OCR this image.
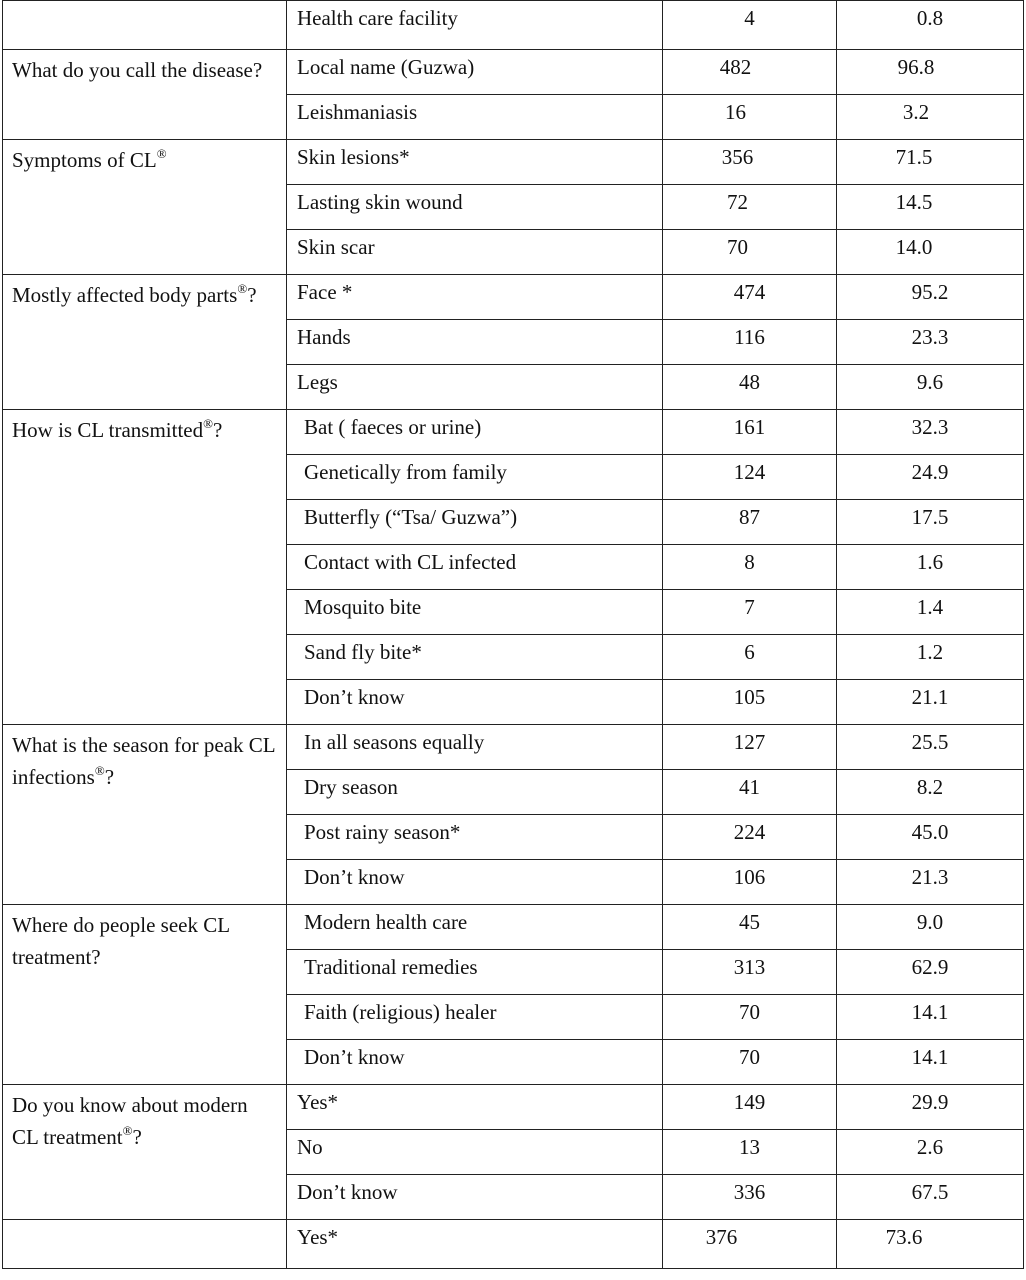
	Health care facility	4	0.8
What do you call the disease?	Local name (Guzwa)	482	96.8
	Leishmaniasis	16	3.2
Symptoms of CL®	Skin lesions*	356	71.5
	Lasting skin wound	72	14.5
	Skin scar	70	14.0
Mostly affected body parts®?	Face *	474	95.2
	Hands	116	23.3
	Legs	48	9.6
How is CL transmitted®?	Bat ( faeces or urine)	161	32.3
	Genetically from family	124	24.9
	Butterfly (“Tsa/ Guzwa”)	87	17.5
	Contact with CL infected	8	1.6
	Mosquito bite	7	1.4
	Sand fly bite*	6	1.2
	Don’t know	105	21.1
What is the season for peak CL infections®?	In all seasons equally	127	25.5
	Dry season	41	8.2
	Post rainy season*	224	45.0
	Don’t know	106	21.3
Where do people seek CL treatment?	Modern health care	45	9.0
	Traditional remedies	313	62.9
	Faith (religious) healer	70	14.1
	Don’t know	70	14.1
Do you know about modern CL treatment®?	Yes*	149	29.9
	No	13	2.6
	Don’t know	336	67.5
	Yes*	376	73.6
